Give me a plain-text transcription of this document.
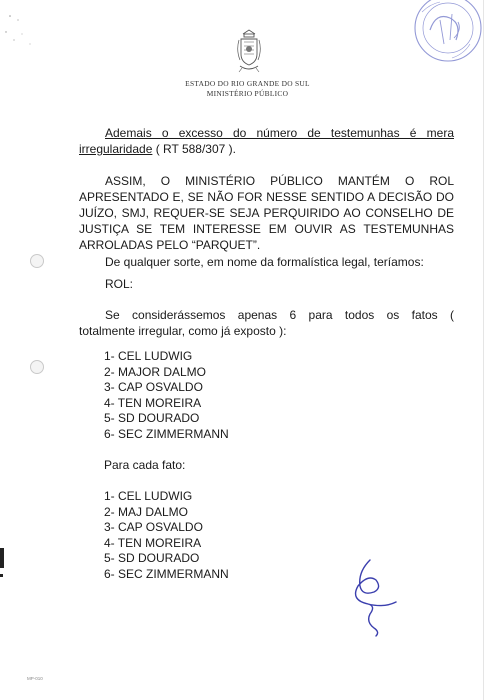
ESTADO DO RIO GRANDE DO SUL
MINISTÉRIO PÚBLICO
Ademais o excesso do número de testemunhas é mera
irregularidade ( RT 588/307 ).
ASSIM, O MINISTÉRIO PÚBLICO MANTÉM O ROL
APRESENTADO E, SE NÃO FOR NESSE SENTIDO A DECISÃO DO
JUÍZO, SMJ, REQUER-SE SEJA PERQUIRIDO AO CONSELHO DE
JUSTIÇA SE TEM INTERESSE EM OUVIR AS TESTEMUNHAS
ARROLADAS PELO “PARQUET”.
De qualquer sorte, em nome da formalística legal, teríamos:
ROL:
Se considerássemos apenas 6 para todos os fatos (
totalmente irregular, como já exposto ):
1- CEL LUDWIG
2- MAJOR DALMO
3- CAP OSVALDO
4- TEN MOREIRA
5- SD DOURADO
6- SEC ZIMMERMANN
Para cada fato:
1- CEL LUDWIG
2- MAJ DALMO
3- CAP OSVALDO
4- TEN MOREIRA
5- SD DOURADO
6- SEC ZIMMERMANN
MP-010
